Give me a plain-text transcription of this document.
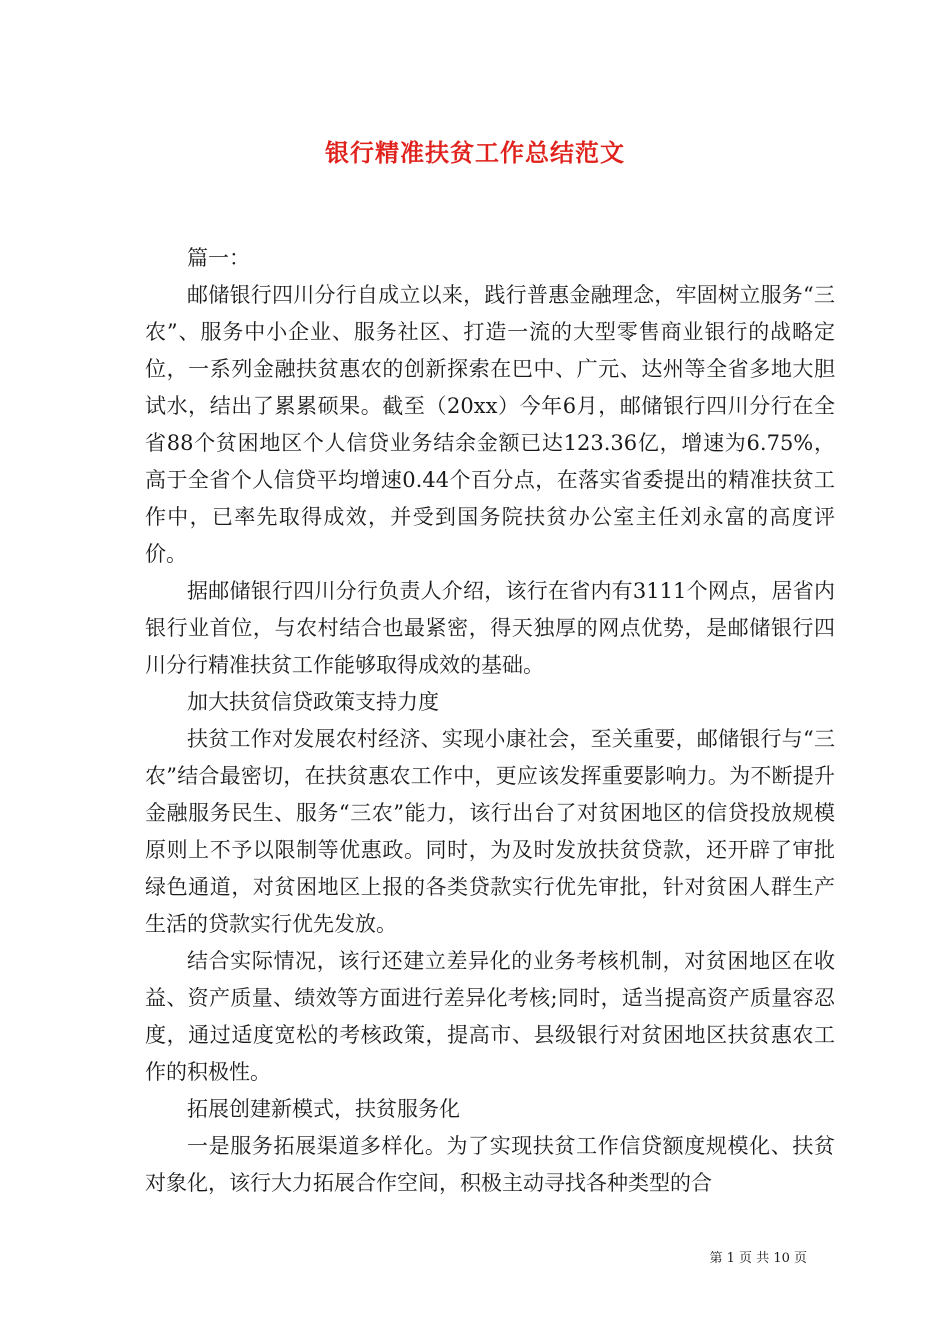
银行精准扶贫工作总结范文

篇一：

邮储银行四川分行自成立以来，践行普惠金融理念，牢固树立服务“三农”、服务中小企业、服务社区、打造一流的大型零售商业银行的战略定位，一系列金融扶贫惠农的创新探索在巴中、广元、达州等全省多地大胆试水，结出了累累硕果。截至（20xx）今年6月，邮储银行四川分行在全省88个贫困地区个人信贷业务结余金额已达123.36亿，增速为6.75%，高于全省个人信贷平均增速0.44个百分点，在落实省委提出的精准扶贫工作中，已率先取得成效，并受到国务院扶贫办公室主任刘永富的高度评价。

据邮储银行四川分行负责人介绍，该行在省内有3111个网点，居省内银行业首位，与农村结合也最紧密，得天独厚的网点优势，是邮储银行四川分行精准扶贫工作能够取得成效的基础。

加大扶贫信贷政策支持力度

扶贫工作对发展农村经济、实现小康社会，至关重要，邮储银行与“三农”结合最密切，在扶贫惠农工作中，更应该发挥重要影响力。为不断提升金融服务民生、服务“三农”能力，该行出台了对贫困地区的信贷投放规模原则上不予以限制等优惠政。同时，为及时发放扶贫贷款，还开辟了审批绿色通道，对贫困地区上报的各类贷款实行优先审批，针对贫困人群生产生活的贷款实行优先发放。

结合实际情况，该行还建立差异化的业务考核机制，对贫困地区在收益、资产质量、绩效等方面进行差异化考核;同时，适当提高资产质量容忍度，通过适度宽松的考核政策，提高市、县级银行对贫困地区扶贫惠农工作的积极性。

拓展创建新模式，扶贫服务化

一是服务拓展渠道多样化。为了实现扶贫工作信贷额度规模化、扶贫对象化，该行大力拓展合作空间，积极主动寻找各种类型的合

第 1 页 共 10 页
